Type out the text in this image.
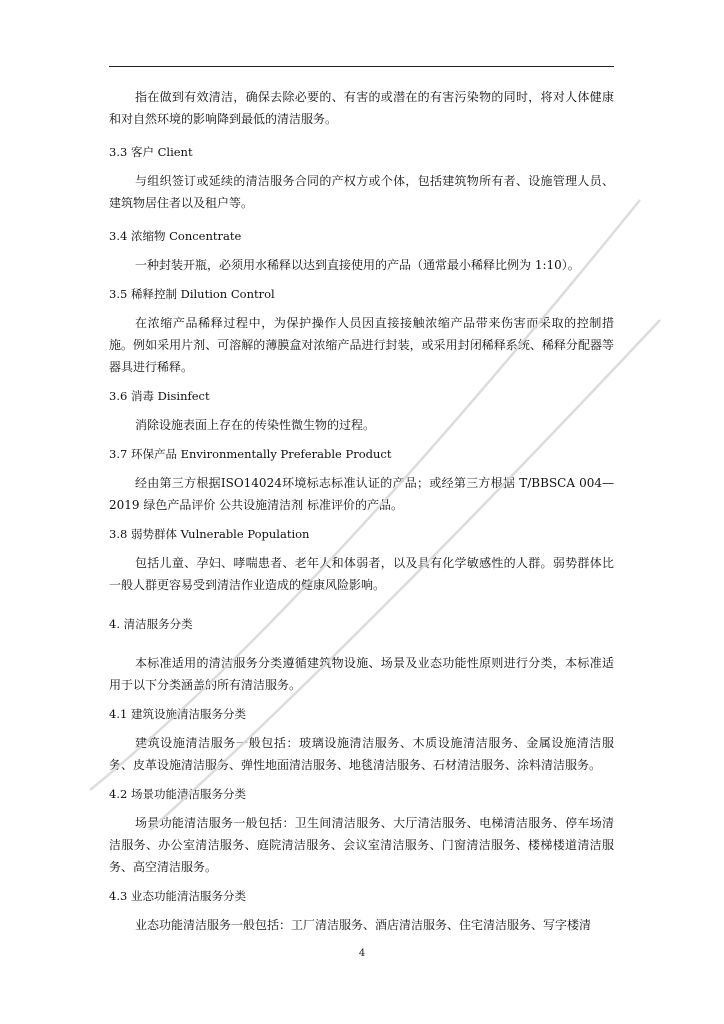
指在做到有效清洁，确保去除必要的、有害的或潜在的有害污染物的同时，将对人体健康和对自然环境的影响降到最低的清洁服务。

3.3 客户 Client

与组织签订或延续的清洁服务合同的产权方或个体，包括建筑物所有者、设施管理人员、建筑物居住者以及租户等。

3.4 浓缩物 Concentrate

一种封装开瓶，必须用水稀释以达到直接使用的产品（通常最小稀释比例为 1:10）。

3.5 稀释控制 Dilution Control

在浓缩产品稀释过程中，为保护操作人员因直接接触浓缩产品带来伤害而采取的控制措施。例如采用片剂、可溶解的薄膜盒对浓缩产品进行封装，或采用封闭稀释系统、稀释分配器等器具进行稀释。

3.6 消毒 Disinfect

消除设施表面上存在的传染性微生物的过程。

3.7 环保产品 Environmentally Preferable Product

经由第三方根据ISO14024环境标志标准认证的产品；或经第三方根据 T/BBSCA 004—2019 绿色产品评价 公共设施清洁剂 标准评价的产品。

3.8 弱势群体 Vulnerable Population

包括儿童、孕妇、哮喘患者、老年人和体弱者，以及具有化学敏感性的人群。弱势群体比一般人群更容易受到清洁作业造成的健康风险影响。

4. 清洁服务分类

本标准适用的清洁服务分类遵循建筑物设施、场景及业态功能性原则进行分类，本标准适用于以下分类涵盖的所有清洁服务。

4.1 建筑设施清洁服务分类

建筑设施清洁服务一般包括：玻璃设施清洁服务、木质设施清洁服务、金属设施清洁服务、皮革设施清洁服务、弹性地面清洁服务、地毯清洁服务、石材清洁服务、涂料清洁服务。

4.2 场景功能清洁服务分类

场景功能清洁服务一般包括：卫生间清洁服务、大厅清洁服务、电梯清洁服务、停车场清洁服务、办公室清洁服务、庭院清洁服务、会议室清洁服务、门窗清洁服务、楼梯楼道清洁服务、高空清洁服务。

4.3 业态功能清洁服务分类

业态功能清洁服务一般包括：工厂清洁服务、酒店清洁服务、住宅清洁服务、写字楼清

4
